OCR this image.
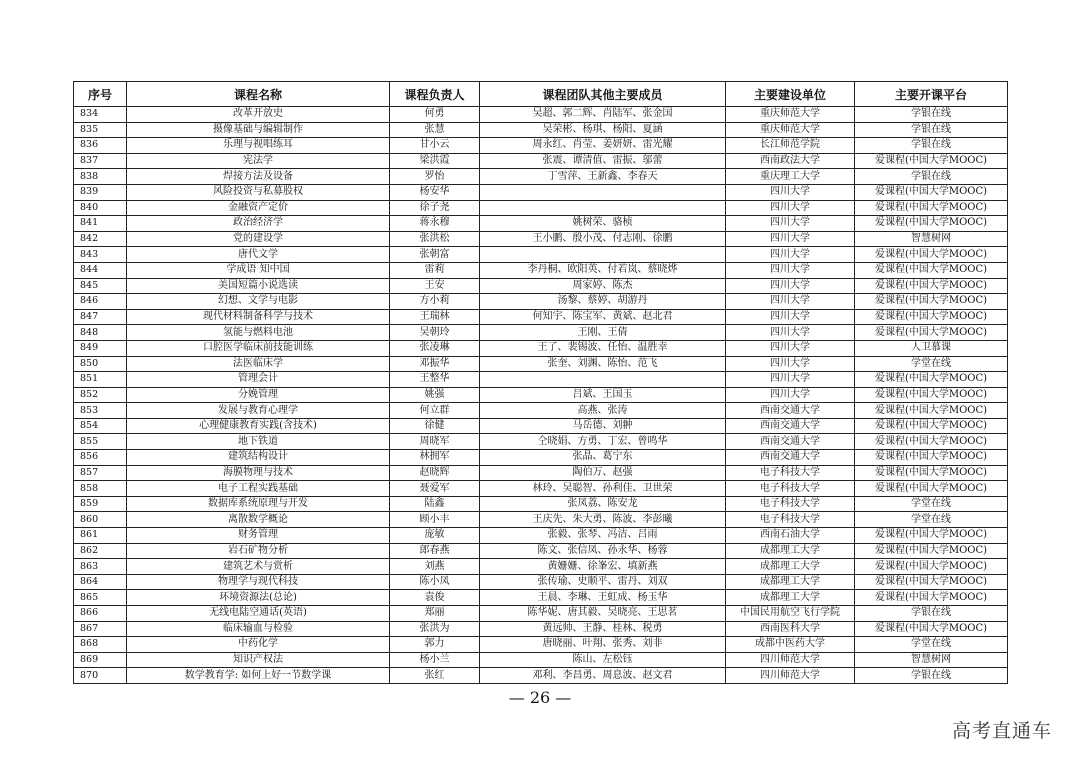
序号	课程名称	课程负责人	课程团队其他主要成员	主要建设单位	主要开课平台
834	改革开放史	何勇	吴超、郭二辉、肖陆军、张金国	重庆师范大学	学银在线
835	摄像基础与编辑制作	张慧	吴荣彬、杨琪、杨阳、夏涵	重庆师范大学	学银在线
836	乐理与视唱练耳	甘小云	周永红、肖莹、姜妍妍、雷光耀	长江师范学院	学银在线
837	宪法学	梁洪霞	张震、谭清值、雷振、邬蕾	西南政法大学	爱课程(中国大学MOOC)
838	焊接方法及设备	罗怡	丁雪萍、王新鑫、李春天	重庆理工大学	学银在线
839	风险投资与私募股权	杨安华		四川大学	爱课程(中国大学MOOC)
840	金融资产定价	徐子尧		四川大学	爱课程(中国大学MOOC)
841	政治经济学	蒋永穆	姚树荣、骆桢	四川大学	爱课程(中国大学MOOC)
842	党的建设学	张洪松	王小鹏、殷小茂、付志刚、徐鹏	四川大学	智慧树网
843	唐代文学	张朝富		四川大学	爱课程(中国大学MOOC)
844	学成语 知中国	雷莉	李丹桐、欧阳英、付若岚、蔡晓烨	四川大学	爱课程(中国大学MOOC)
845	美国短篇小说选读	王安	周家婷、陈杰	四川大学	爱课程(中国大学MOOC)
846	幻想、文学与电影	方小莉	汤黎、蔡婷、胡游丹	四川大学	爱课程(中国大学MOOC)
847	现代材料制备科学与技术	王瑞林	何知宇、陈宝军、黄斌、赵北君	四川大学	爱课程(中国大学MOOC)
848	氢能与燃料电池	吴朝玲	王刚、王倩	四川大学	爱课程(中国大学MOOC)
849	口腔医学临床前技能训练	张凌琳	王了、裴锡波、任怡、温胜幸	四川大学	人卫慕课
850	法医临床学	邓振华	张奎、刘渊、陈怡、范飞	四川大学	学堂在线
851	管理会计	王整华		四川大学	爱课程(中国大学MOOC)
852	分娩管理	姚强	吕斌、王国玉	四川大学	爱课程(中国大学MOOC)
853	发展与教育心理学	何立群	高燕、张涛	西南交通大学	爱课程(中国大学MOOC)
854	心理健康教育实践(含技术)	徐健	马岳德、刘翀	西南交通大学	爱课程(中国大学MOOC)
855	地下铁道	周晓军	仝晓娟、方勇、丁宏、曾鸣华	西南交通大学	爱课程(中国大学MOOC)
856	建筑结构设计	林拥军	张晶、葛宁东	西南交通大学	爱课程(中国大学MOOC)
857	海膜物理与技术	赵晓辉	陶伯万、赵强	电子科技大学	爱课程(中国大学MOOC)
858	电子工程实践基础	聂爱军	林玲、吴聪智、孙利佳、卫世荣	电子科技大学	爱课程(中国大学MOOC)
859	数据库系统原理与开发	陆鑫	张凤荔、陈安龙	电子科技大学	学堂在线
860	离散数学概论	顾小丰	王庆先、朱大勇、陈波、李彭曦	电子科技大学	学堂在线
861	财务管理	庞敏	张毅、张琴、冯洁、吕雨	西南石油大学	爱课程(中国大学MOOC)
862	岩石矿物分析	郎春燕	陈文、张信凤、孙永华、杨蓉	成都理工大学	爱课程(中国大学MOOC)
863	建筑艺术与赏析	刘燕	黄姗姗、徐峯宏、填新燕	成都理工大学	爱课程(中国大学MOOC)
864	物理学与现代科技	陈小凤	张传瑜、史顺平、雷丹、刘双	成都理工大学	爱课程(中国大学MOOC)
865	环境资源法(总论)	袁俊	王晨、李琳、王虹成、杨玉华	成都理工大学	爱课程(中国大学MOOC)
866	无线电陆空通话(英语)	郑丽	陈华妮、唐其毅、吴晓亮、王思茗	中国民用航空飞行学院	学银在线
867	临床输血与检验	张洪为	黄远帅、王静、桂林、税勇	西南医科大学	爱课程(中国大学MOOC)
868	中药化学	郭力	唐晓丽、叶翔、张秀、刘非	成都中医药大学	学堂在线
869	知识产权法	杨小兰	陈山、左松钰	四川师范大学	智慧树网
870	数学教育学: 如何上好一节数学课	张红	邓利、李昌勇、周息波、赵文君	四川师范大学	学银在线
— 26 —
高考直通车
